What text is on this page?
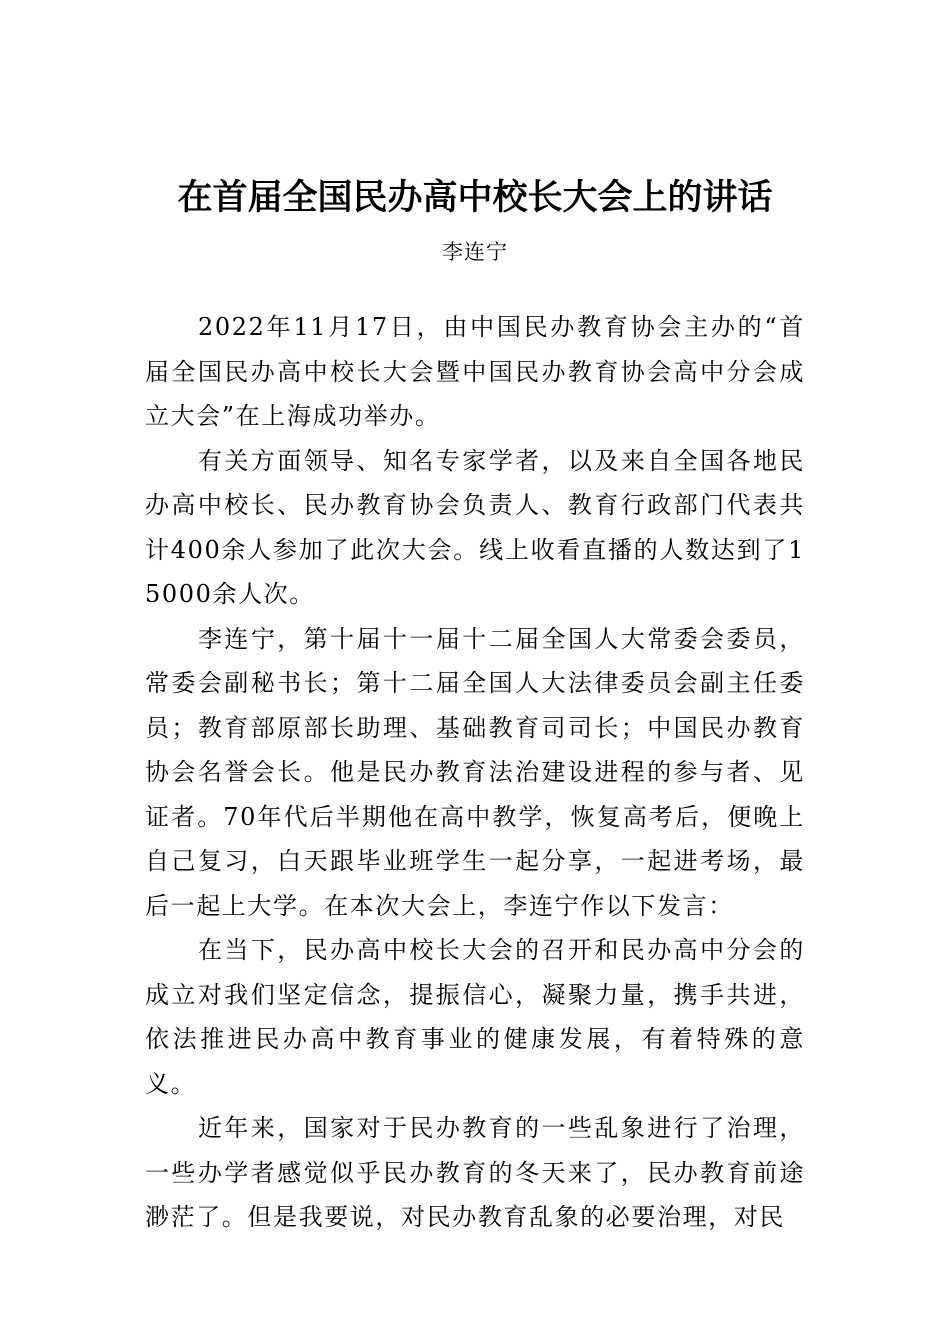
在首届全国民办高中校长大会上的讲话
李连宁

2022年11月17日，由中国民办教育协会主办的“首届全国民办高中校长大会暨中国民办教育协会高中分会成立大会”在上海成功举办。

有关方面领导、知名专家学者，以及来自全国各地民办高中校长、民办教育协会负责人、教育行政部门代表共计400余人参加了此次大会。线上收看直播的人数达到了15000余人次。

李连宁，第十届十一届十二届全国人大常委会委员，常委会副秘书长；第十二届全国人大法律委员会副主任委员；教育部原部长助理、基础教育司司长；中国民办教育协会名誉会长。他是民办教育法治建设进程的参与者、见证者。70年代后半期他在高中教学，恢复高考后，便晚上自己复习，白天跟毕业班学生一起分享，一起进考场，最后一起上大学。在本次大会上，李连宁作以下发言：

在当下，民办高中校长大会的召开和民办高中分会的成立对我们坚定信念，提振信心，凝聚力量，携手共进，依法推进民办高中教育事业的健康发展，有着特殊的意义。

近年来，国家对于民办教育的一些乱象进行了治理，一些办学者感觉似乎民办教育的冬天来了，民办教育前途渺茫了。但是我要说，对民办教育乱象的必要治理，对民
